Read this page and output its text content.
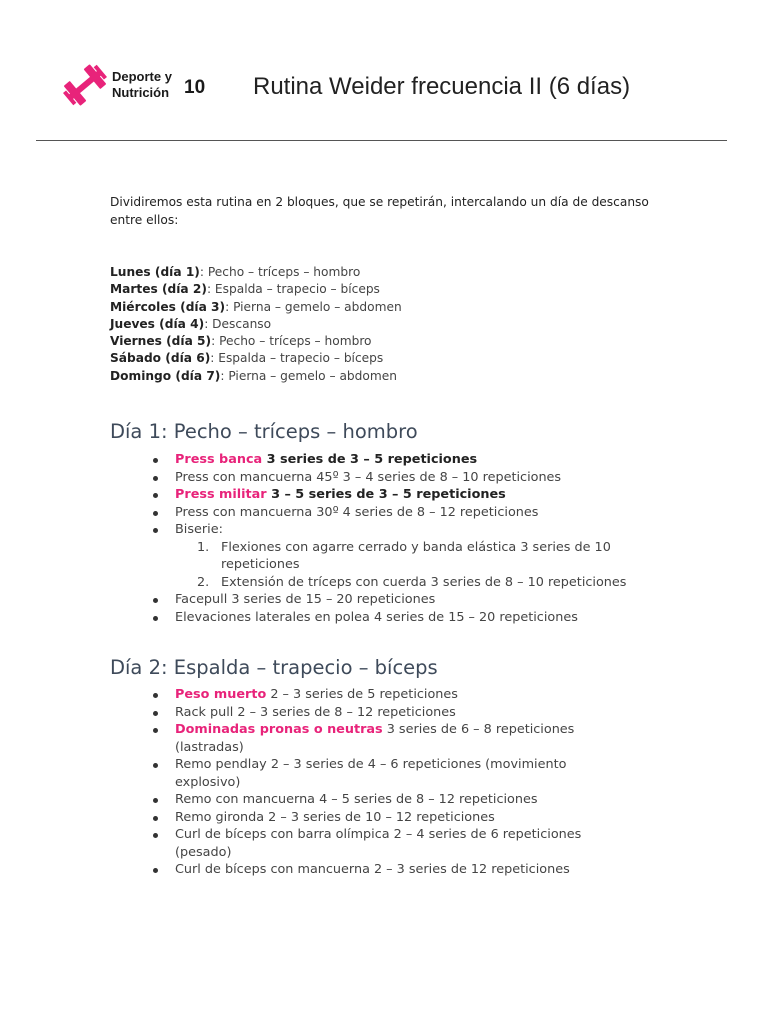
Deporte y
Nutrición 10 Rutina Weider frecuencia II (6 días)
Dividiremos esta rutina en 2 bloques, que se repetirán, intercalando un día de descanso entre ellos:
Lunes (día 1): Pecho – tríceps – hombro
Martes (día 2): Espalda – trapecio – bíceps
Miércoles (día 3): Pierna – gemelo – abdomen
Jueves (día 4): Descanso
Viernes (día 5): Pecho – tríceps – hombro
Sábado (día 6): Espalda – trapecio – bíceps
Domingo (día 7): Pierna – gemelo – abdomen
Día 1: Pecho – tríceps – hombro
Press banca 3 series de 3 – 5 repeticiones
Press con mancuerna 45º 3 – 4 series de 8 – 10 repeticiones
Press militar 3 – 5 series de 3 – 5 repeticiones
Press con mancuerna 30º 4 series de 8 – 12 repeticiones
Biserie:
1. Flexiones con agarre cerrado y banda elástica 3 series de 10 repeticiones
2. Extensión de tríceps con cuerda 3 series de 8 – 10 repeticiones
Facepull 3 series de 15 – 20 repeticiones
Elevaciones laterales en polea 4 series de 15 – 20 repeticiones
Día 2: Espalda – trapecio – bíceps
Peso muerto 2 – 3 series de 5 repeticiones
Rack pull 2 – 3 series de 8 – 12 repeticiones
Dominadas pronas o neutras 3 series de 6 – 8 repeticiones (lastradas)
Remo pendlay 2 – 3 series de 4 – 6 repeticiones (movimiento explosivo)
Remo con mancuerna 4 – 5 series de 8 – 12 repeticiones
Remo gironda 2 – 3 series de 10 – 12 repeticiones
Curl de bíceps con barra olímpica 2 – 4 series de 6 repeticiones (pesado)
Curl de bíceps con mancuerna 2 – 3 series de 12 repeticiones
